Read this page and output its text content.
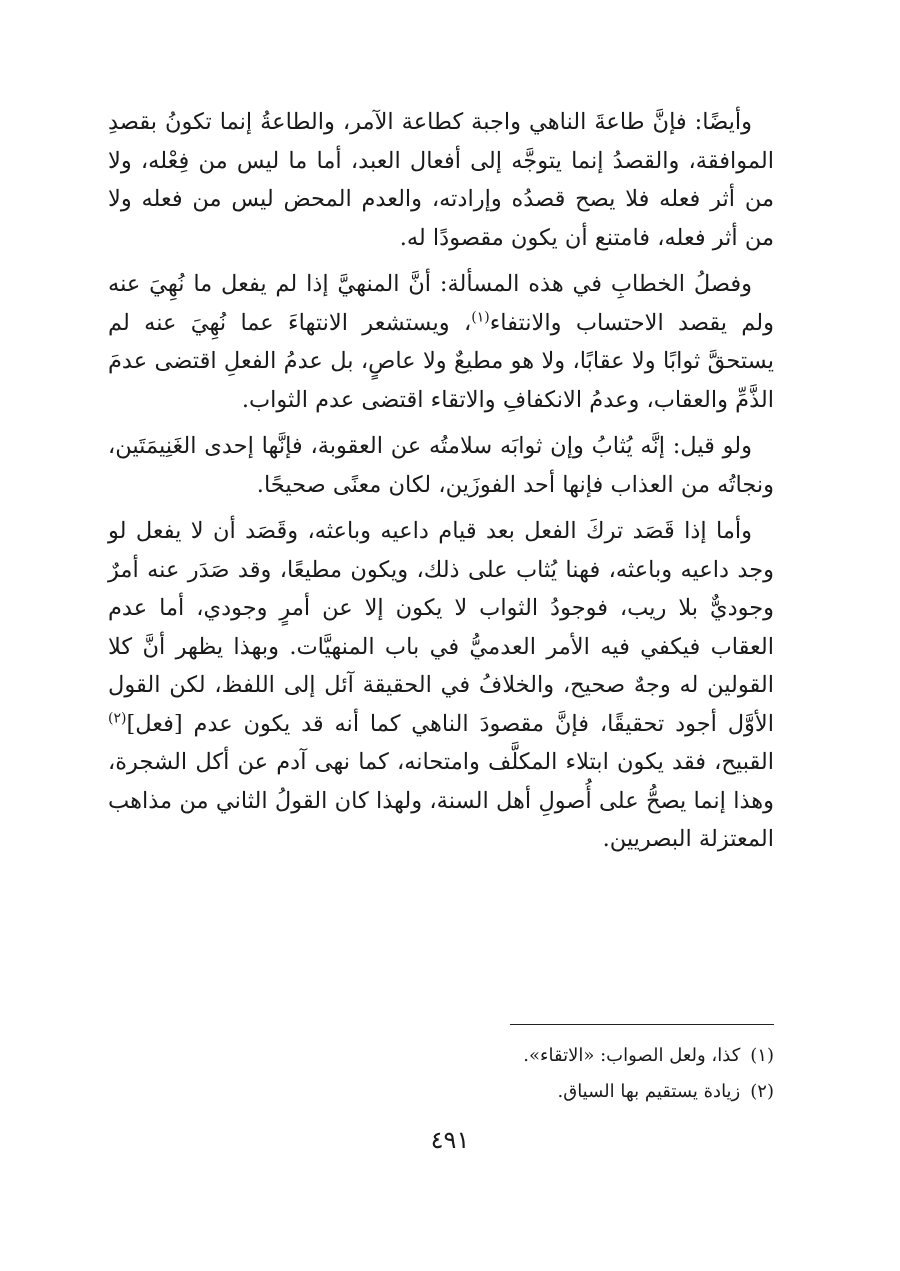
وأيضًا: فإنَّ طاعةَ الناهي واجبة كطاعة الآمر، والطاعةُ إنما تكونُ بقصدِ الموافقة، والقصدُ إنما يتوجَّه إلى أفعال العبد، أما ما ليس من فِعْله، ولا من أثر فعله فلا يصح قصدُه وإرادته، والعدم المحض ليس من فعله ولا من أثر فعله، فامتنع أن يكون مقصودًا له.

وفصلُ الخطابِ في هذه المسألة: أنَّ المنهيَّ إذا لم يفعل ما نُهِيَ عنه ولم يقصد الاحتساب والانتفاء$^{(١)}$، ويستشعر الانتهاءَ عما نُهِيَ عنه لم يستحقَّ ثوابًا ولا عقابًا، ولا هو مطيعٌ ولا عاصٍ، بل عدمُ الفعلِ اقتضى عدمَ الذَّمِّ والعقاب، وعدمُ الانكفافِ والاتقاء اقتضى عدم الثواب.

ولو قيل: إنَّه يُثابُ وإن ثوابَه سلامتُه عن العقوبة، فإنَّها إحدى الغَنِيمَتَين، ونجاتُه من العذاب فإنها أحد الفوزَين، لكان معنًى صحيحًا.

وأما إذا قَصَد تركَ الفعل بعد قيام داعيه وباعثه، وقَصَد أن لا يفعل لو وجد داعيه وباعثه، فهنا يُثاب على ذلك، ويكون مطيعًا، وقد صَدَر عنه أمرٌ وجوديٌّ بلا ريب، فوجودُ الثواب لا يكون إلا عن أمرٍ وجودي، أما عدم العقاب فيكفي فيه الأمر العدميُّ في باب المنهيَّات. وبهذا يظهر أنَّ كلا القولين له وجهٌ صحيح، والخلافُ في الحقيقة آئل إلى اللفظ، لكن القول الأوَّل أجود تحقيقًا، فإنَّ مقصودَ الناهي كما أنه قد يكون عدم [فعل]$^{(٢)}$ القبيح، فقد يكون ابتلاء المكلَّف وامتحانه، كما نهى آدم عن أكل الشجرة، وهذا إنما يصحُّ على أُصولِ أهل السنة، ولهذا كان القولُ الثاني من مذاهب المعتزلة البصريين.

(١)كذا، ولعل الصواب: «الاتقاء».
(٢)زيادة يستقيم بها السياق.
٤٩١
